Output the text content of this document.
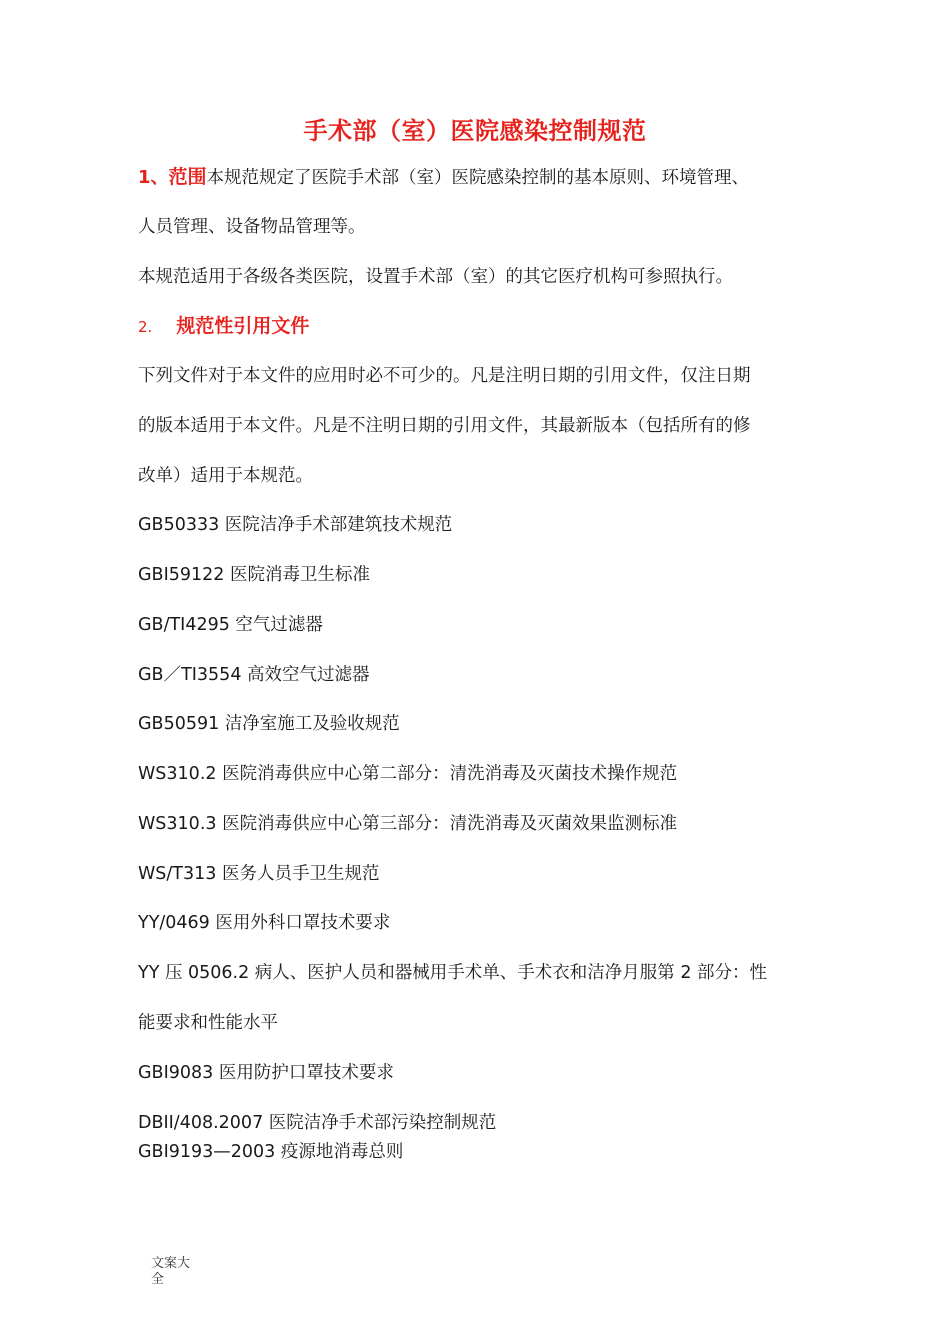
手术部（室）医院感染控制规范
1、范围本规范规定了医院手术部（室）医院感染控制的基本原则、环境管理、
人员管理、设备物品管理等。
本规范适用于各级各类医院，设置手术部（室）的其它医疗机构可参照执行。
2. 规范性引用文件
下列文件对于本文件的应用时必不可少的。凡是注明日期的引用文件，仅注日期
的版本适用于本文件。凡是不注明日期的引用文件，其最新版本（包括所有的修
改单）适用于本规范。
GB50333 医院洁净手术部建筑技术规范
GBI59122 医院消毒卫生标准
GB/TI4295 空气过滤器
GB／TI3554 高效空气过滤器
GB50591 洁净室施工及验收规范
WS310.2 医院消毒供应中心第二部分：清洗消毒及灭菌技术操作规范
WS310.3 医院消毒供应中心第三部分：清洗消毒及灭菌效果监测标准
WS/T313 医务人员手卫生规范
YY/0469 医用外科口罩技术要求
YY 压 0506.2 病人、医护人员和器械用手术单、手术衣和洁净月服第 2 部分：性
能要求和性能水平
GBI9083 医用防护口罩技术要求
DBII/408.2007 医院洁净手术部污染控制规范
GBI9193—2003 疫源地消毒总则
文案大全
